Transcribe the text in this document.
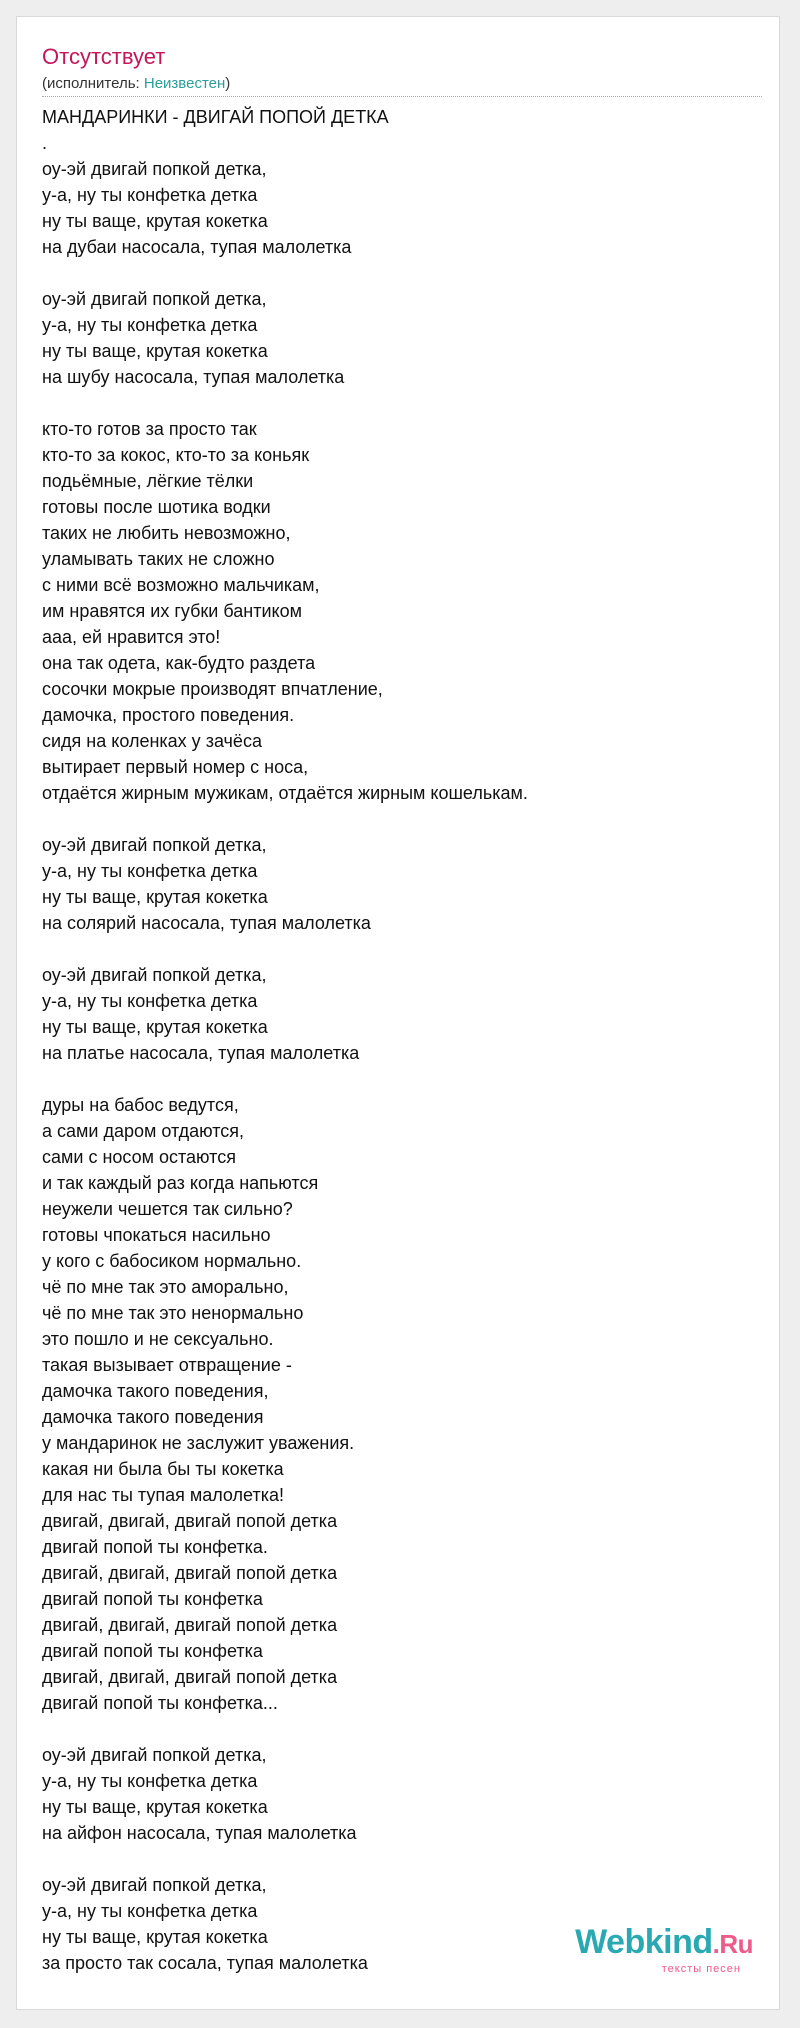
Отсутствует
(исполнитель: Неизвестен)
МАНДАРИНКИ - ДВИГАЙ ПОПОЙ ДЕТКА
.
оу-эй двигай попкой детка,
у-а, ну ты конфетка детка
ну ты ваще, крутая кокетка
на дубаи насосала, тупая малолетка
оу-эй двигай попкой детка,
у-а, ну ты конфетка детка
ну ты ваще, крутая кокетка
на шубу насосала, тупая малолетка
кто-то готов за просто так
кто-то за кокос, кто-то за коньяк
подьёмные, лёгкие тёлки
готовы после шотика водки
таких не любить невозможно,
уламывать таких не сложно
с ними всё возможно мальчикам,
им нравятся их губки бантиком
ааа, ей нравится это!
она так одета, как-будто раздета
сосочки мокрые производят впчатление,
дамочка, простого поведения.
сидя на коленках у зачёса
вытирает первый номер с носа,
отдаётся жирным мужикам, отдаётся жирным кошелькам.
оу-эй двигай попкой детка,
у-а, ну ты конфетка детка
ну ты ваще, крутая кокетка
на солярий насосала, тупая малолетка
оу-эй двигай попкой детка,
у-а, ну ты конфетка детка
ну ты ваще, крутая кокетка
на платье насосала, тупая малолетка
дуры на бабос ведутся,
а сами даром отдаются,
сами с носом остаются
и так каждый раз когда напьются
неужели чешется так сильно?
готовы чпокаться насильно
у кого с бабосиком нормально.
чё по мне так это аморально,
чё по мне так это ненормально
это пошло и не сексуально.
такая вызывает отвращение -
дамочка такого поведения,
дамочка такого поведения
у мандаринок не заслужит уважения.
какая ни была бы ты кокетка
для нас ты тупая малолетка!
двигай, двигай, двигай попой детка
двигай попой ты конфетка.
двигай, двигай, двигай попой детка
двигай попой ты конфетка
двигай, двигай, двигай попой детка
двигай попой ты конфетка
двигай, двигай, двигай попой детка
двигай попой ты конфетка...
оу-эй двигай попкой детка,
у-а, ну ты конфетка детка
ну ты ваще, крутая кокетка
на айфон насосала, тупая малолетка
оу-эй двигай попкой детка,
у-а, ну ты конфетка детка
ну ты ваще, крутая кокетка
за просто так сосала, тупая малолетка
Webkind.Ru
тексты песен
